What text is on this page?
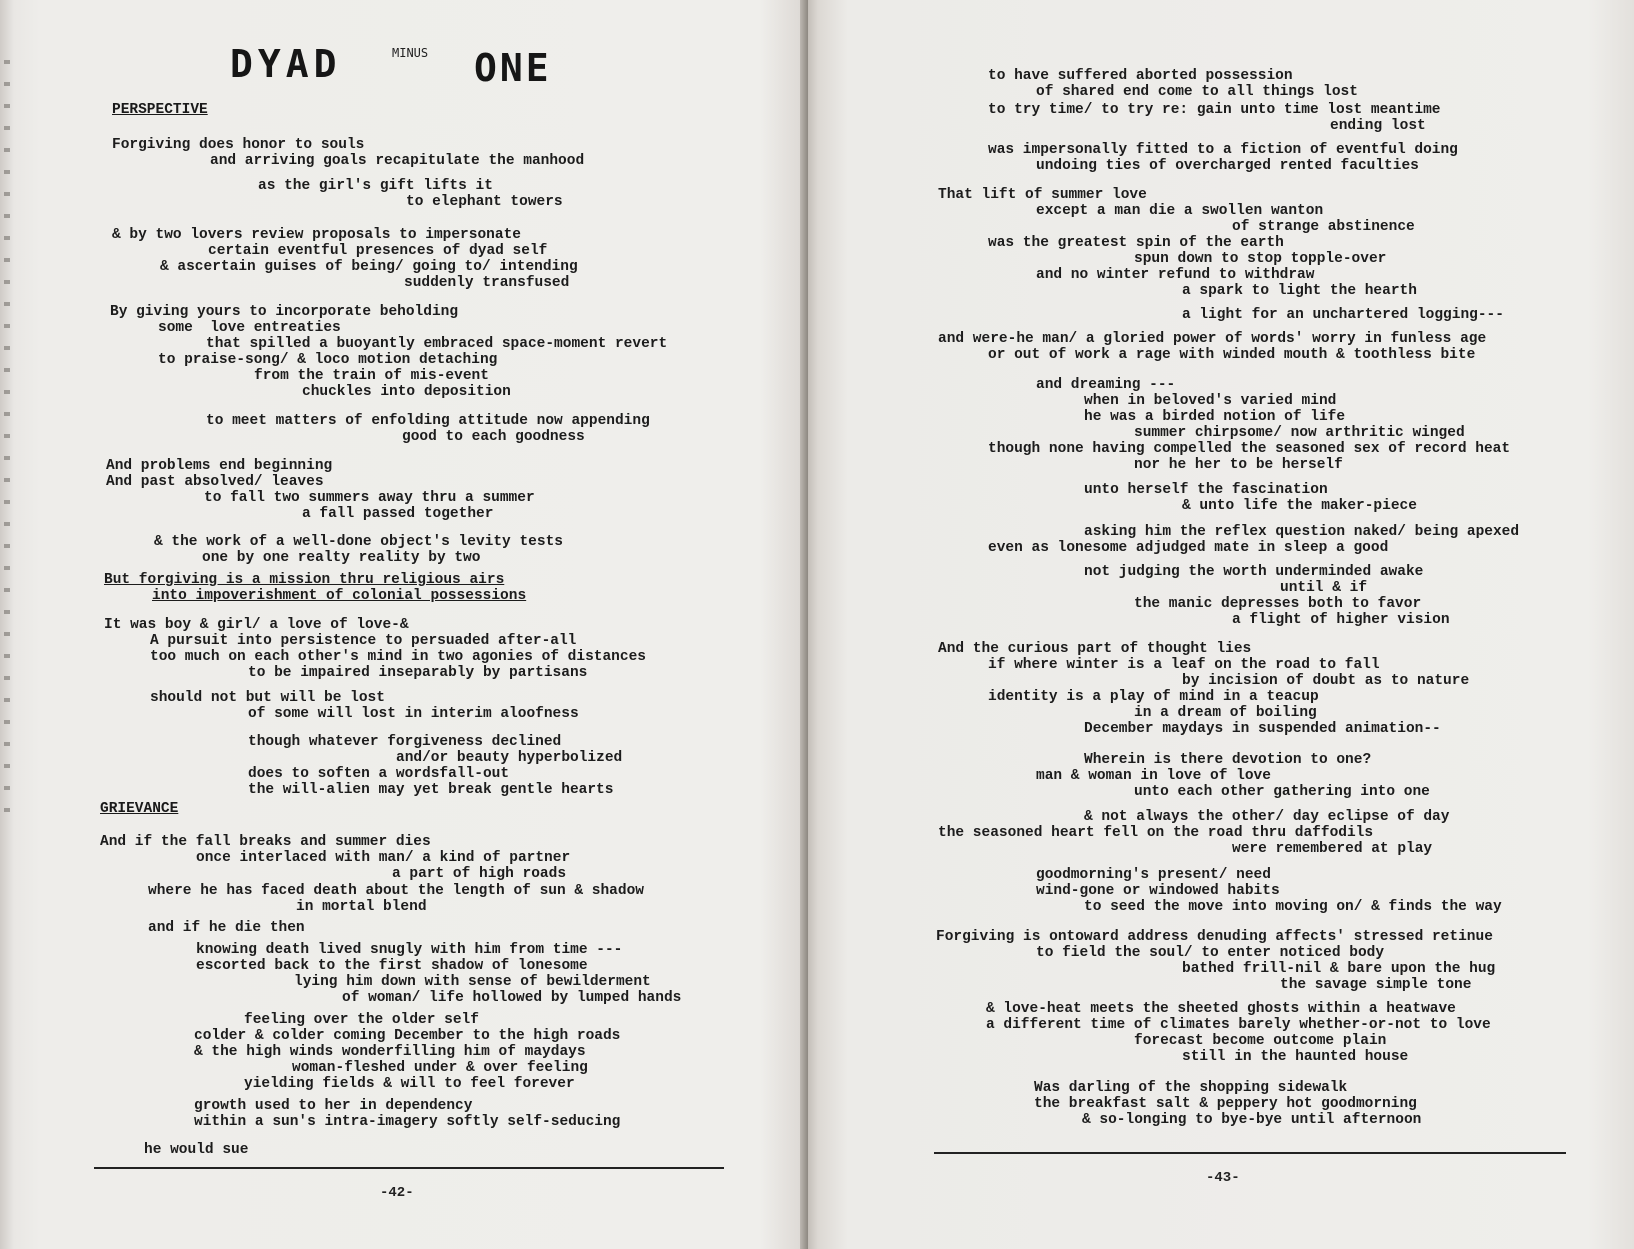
DYAD	MINUS ONE
PERSPECTIVE
Forgiving does honor to souls
and arriving goals recapitulate the manhood
as the girl's gift lifts it
to elephant towers
& by two lovers review proposals to impersonate
certain eventful presences of dyad self
& ascertain guises of being/ going to/ intending
suddenly transfused
By giving yours to incorporate beholding
some  love entreaties
that spilled a buoyantly embraced space-moment revert
to praise-song/ & loco motion detaching
from the train of mis-event
chuckles into deposition
to meet matters of enfolding attitude now appending
good to each goodness
And problems end beginning
And past absolved/ leaves
to fall two summers away thru a summer
a fall passed together
& the work of a well-done object's levity tests
one by one realty reality by two
But forgiving is a mission thru religious airs
into impoverishment of colonial possessions
It was boy & girl/ a love of love-&
A pursuit into persistence to persuaded after-all
too much on each other's mind in two agonies of distances
to be impaired inseparably by partisans
should not but will be lost
of some will lost in interim aloofness
though whatever forgiveness declined
and/or beauty hyperbolized
does to soften a wordsfall-out
the will-alien may yet break gentle hearts
GRIEVANCE
And if the fall breaks and summer dies
once interlaced with man/ a kind of partner
a part of high roads
where he has faced death about the length of sun & shadow
in mortal blend
and if he die then
knowing death lived snugly with him from time ---
escorted back to the first shadow of lonesome
lying him down with sense of bewilderment
of woman/ life hollowed by lumped hands
feeling over the older self
colder & colder coming December to the high roads
& the high winds wonderfilling him of maydays
woman-fleshed under & over feeling
yielding fields & will to feel forever
growth used to her in dependency
within a sun's intra-imagery softly self-seducing
he would sue
-42-
to have suffered aborted possession
of shared end come to all things lost
to try time/ to try re: gain unto time lost meantime
ending lost
was impersonally fitted to a fiction of eventful doing
undoing ties of overcharged rented faculties
That lift of summer love
except a man die a swollen wanton
of strange abstinence
was the greatest spin of the earth
spun down to stop topple-over
and no winter refund to withdraw
a spark to light the hearth
a light for an unchartered logging---
and were-he man/ a gloried power of words' worry in funless age
or out of work a rage with winded mouth & toothless bite
and dreaming ---
when in beloved's varied mind
he was a birded notion of life
summer chirpsome/ now arthritic winged
though none having compelled the seasoned sex of record heat
nor he her to be herself
unto herself the fascination
& unto life the maker-piece
asking him the reflex question naked/ being apexed
even as lonesome adjudged mate in sleep a good
not judging the worth underminded awake
until & if
the manic depresses both to favor
a flight of higher vision
And the curious part of thought lies
if where winter is a leaf on the road to fall
by incision of doubt as to nature
identity is a play of mind in a teacup
in a dream of boiling
December maydays in suspended animation--
Wherein is there devotion to one?
man & woman in love of love
unto each other gathering into one
& not always the other/ day eclipse of day
the seasoned heart fell on the road thru daffodils
were remembered at play
goodmorning's present/ need
wind-gone or windowed habits
to seed the move into moving on/ & finds the way
Forgiving is ontoward address denuding affects' stressed retinue
to field the soul/ to enter noticed body
bathed frill-nil & bare upon the hug
the savage simple tone
& love-heat meets the sheeted ghosts within a heatwave
a different time of climates barely whether-or-not to love
forecast become outcome plain
still in the haunted house
Was darling of the shopping sidewalk
the breakfast salt & peppery hot goodmorning
& so-longing to bye-bye until afternoon
-43-
